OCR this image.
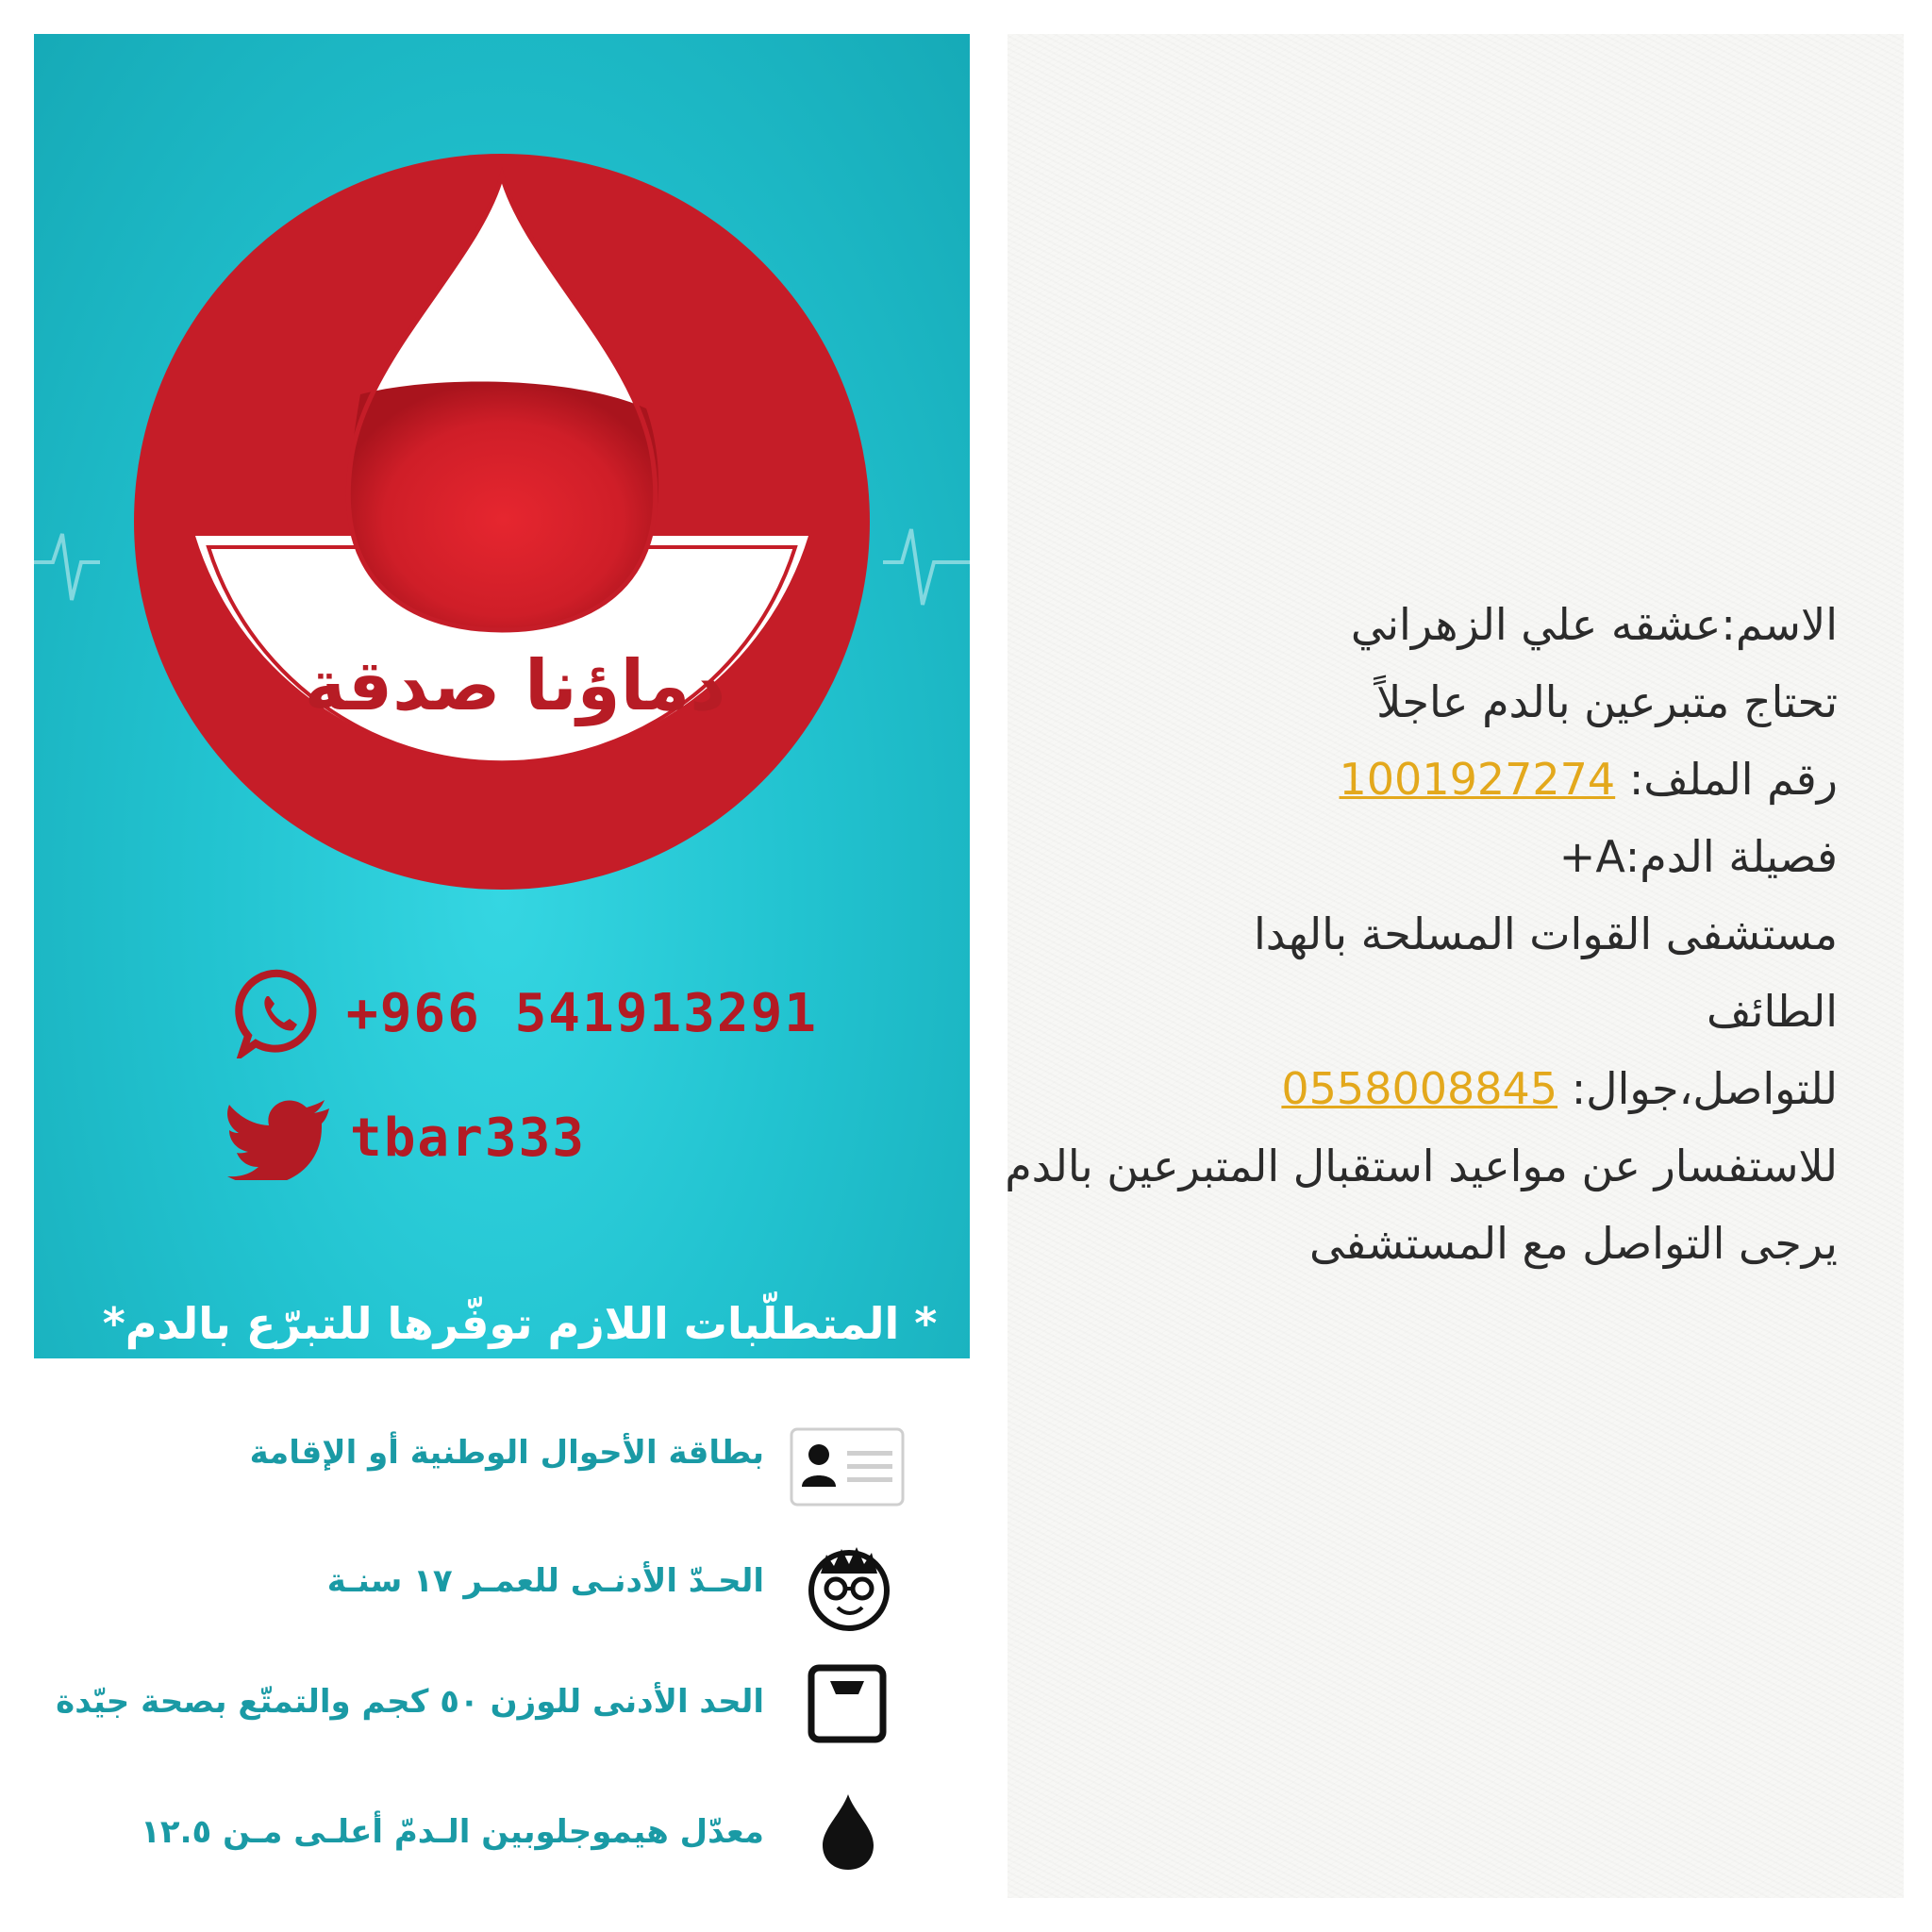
دماؤنا صدقة
+966 541913291
tbar333
* المتطلّبات اللازم توفّرها للتبرّع بالدم*
بطاقة الأحوال الوطنية أو الإقامة
الحـدّ الأدنـى للعمـر ١٧ سنـة
الحد الأدنى للوزن ٥٠ كجم والتمتّع بصحة جيّدة
معدّل هيموجلوبين الـدمّ أعلـى مـن ١٢.٥
الاسم:عشقه علي الزهراني
تحتاج متبرعين بالدم عاجلاً
رقم الملف: 1001927274
فصيلة الدم:A+
مستشفى القوات المسلحة بالهدا
الطائف
للتواصل،جوال: 0558008845
للاستفسار عن مواعيد استقبال المتبرعين بالدم
يرجى التواصل مع المستشفى
